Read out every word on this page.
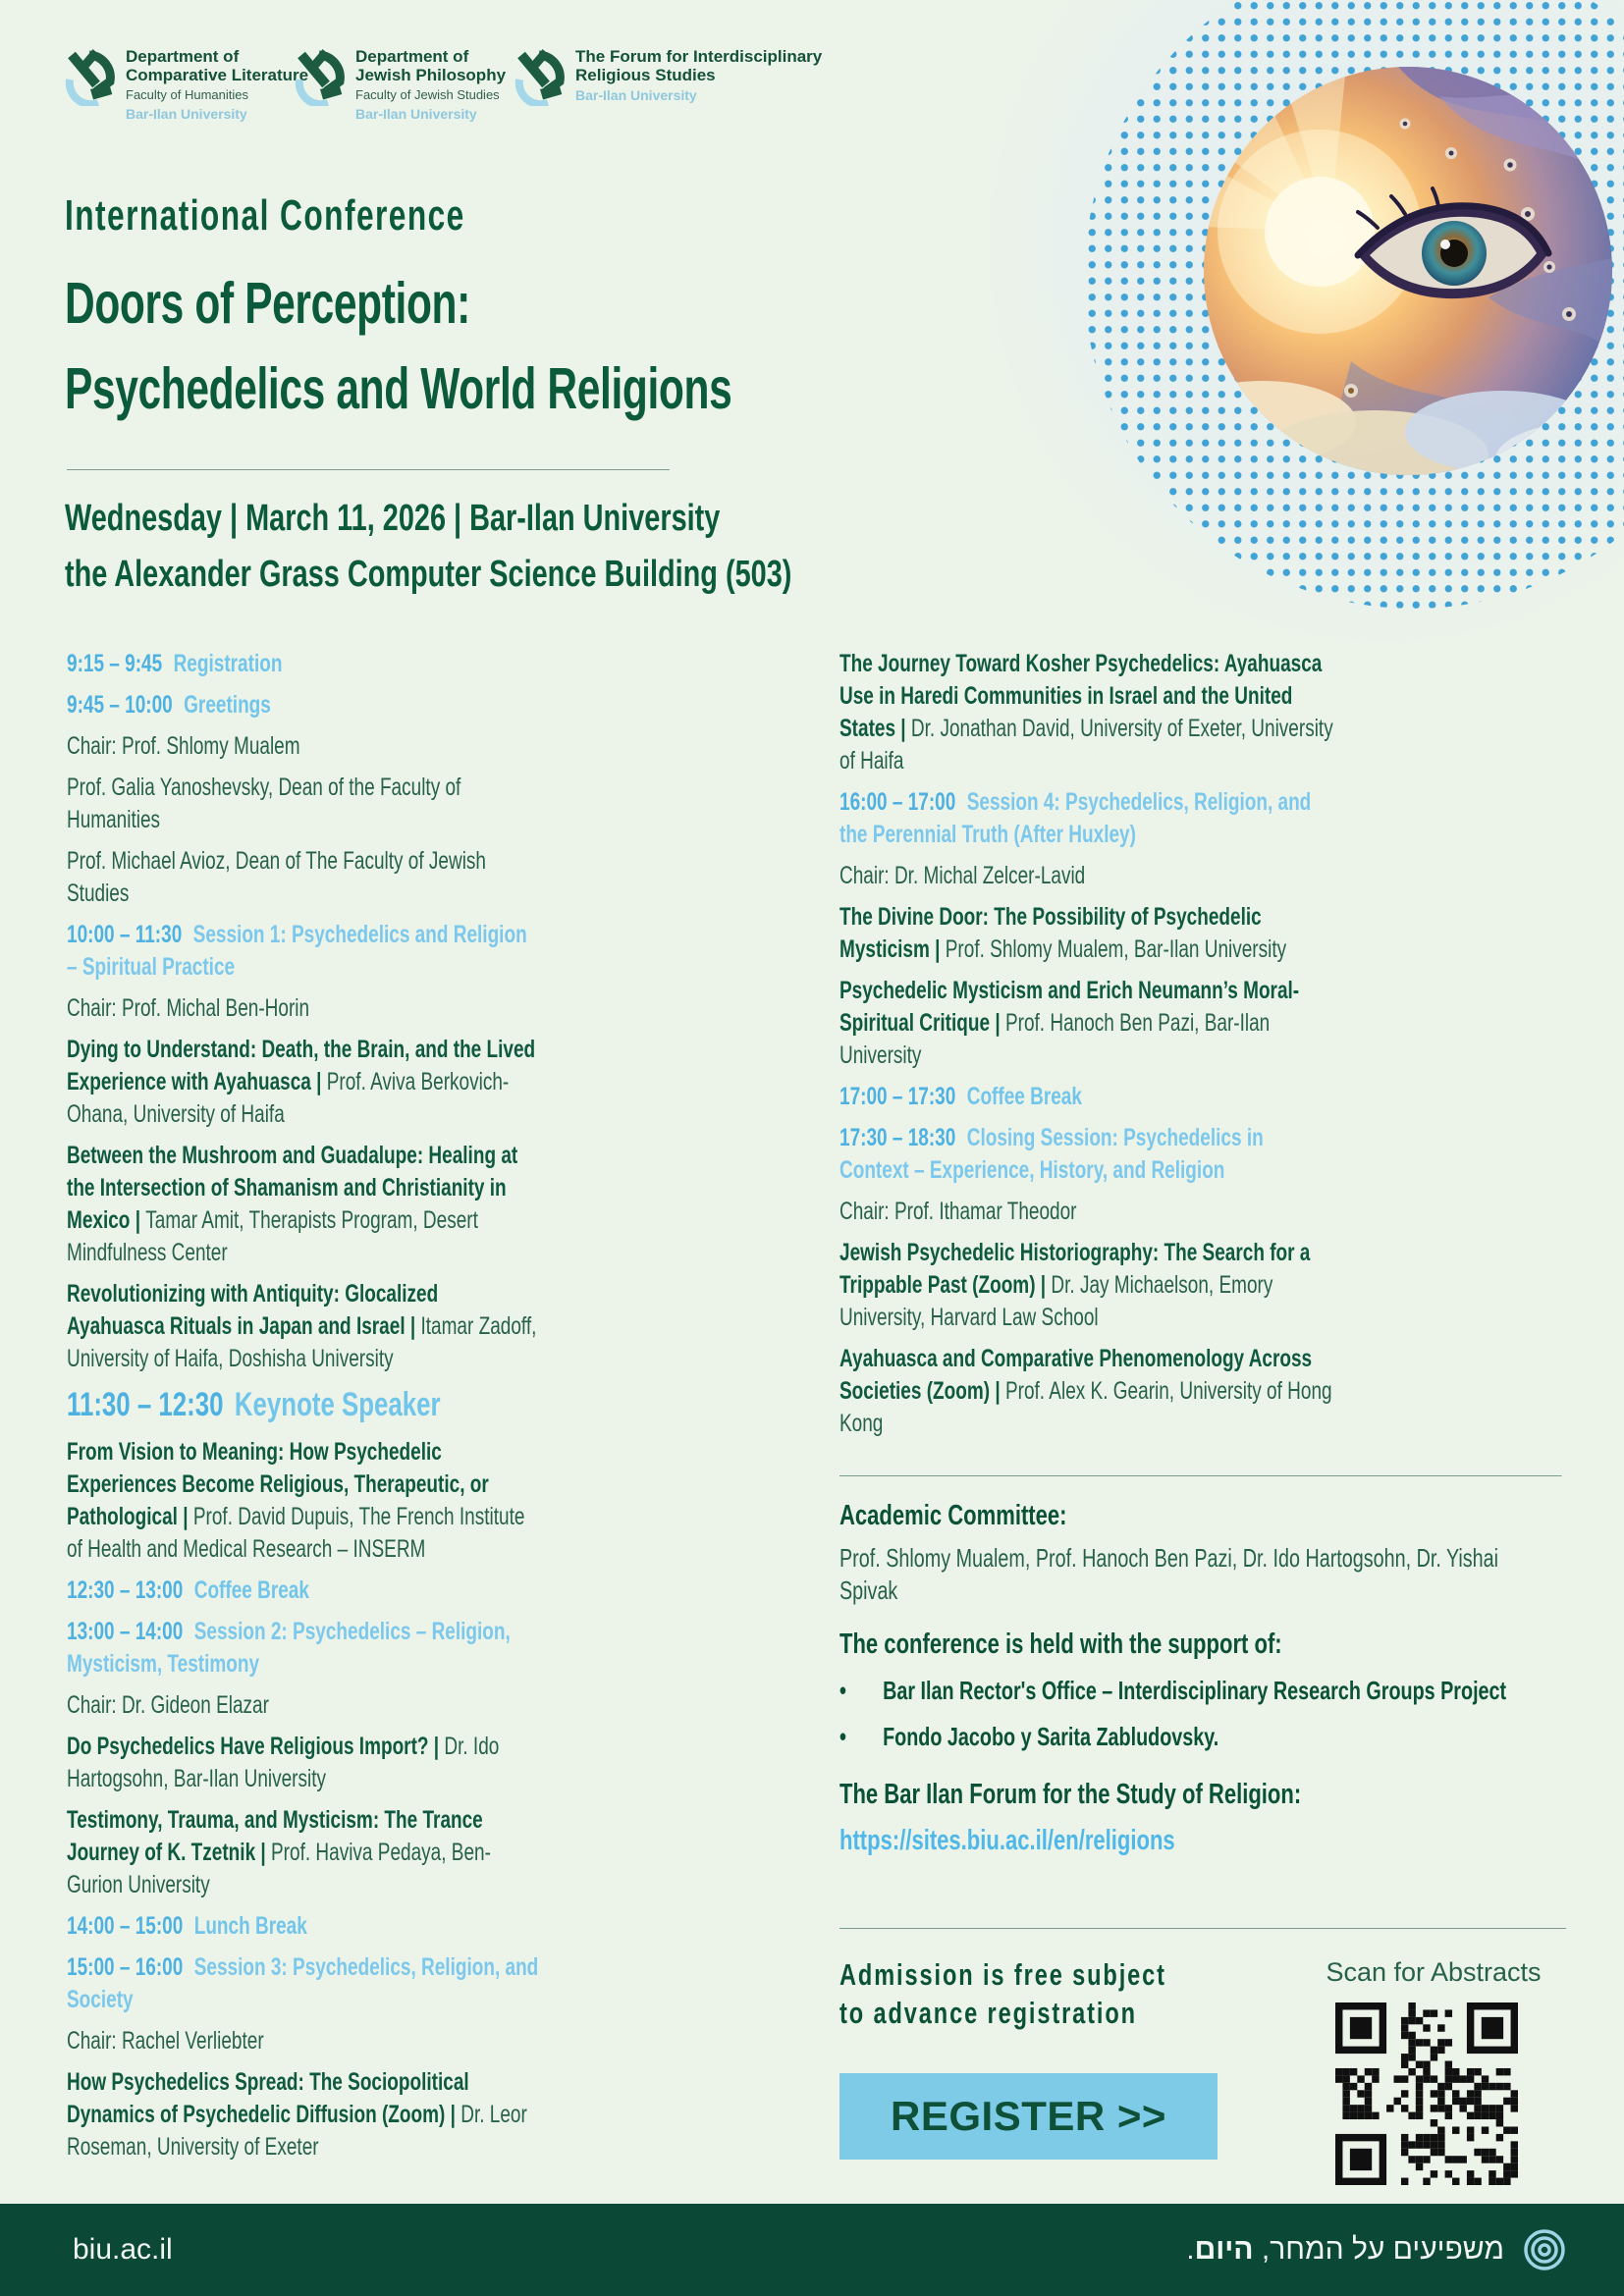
Department of
Comparative Literature
Faculty of Humanities
Bar-Ilan University
Department of
Jewish Philosophy
Faculty of Jewish Studies
Bar-Ilan University
The Forum for Interdisciplinary
Religious Studies
Bar-Ilan University
International Conference
Doors of Perception:
Psychedelics and World Religions
Wednesday | March 11, 2026 | Bar-Ilan University
the Alexander Grass Computer Science Building (503)

9:15 – 9:45 Registration

9:45 – 10:00 Greetings

Chair: Prof. Shlomy Mualem

Prof. Galia Yanoshevsky, Dean of the Faculty of Humanities

Prof. Michael Avioz, Dean of The Faculty of Jewish Studies

10:00 – 11:30 Session 1: Psychedelics and Religion – Spiritual Practice

Chair: Prof. Michal Ben-Horin

Dying to Understand: Death, the Brain, and the Lived Experience with Ayahuasca | Prof. Aviva Berkovich-Ohana, University of Haifa

Between the Mushroom and Guadalupe: Healing at the Intersection of Shamanism and Christianity in Mexico | Tamar Amit, Therapists Program, Desert Mindfulness Center

Revolutionizing with Antiquity: Glocalized Ayahuasca Rituals in Japan and Israel | Itamar Zadoff, University of Haifa, Doshisha University

11:30 – 12:30 Keynote Speaker

From Vision to Meaning: How Psychedelic Experiences Become Religious, Therapeutic, or Pathological | Prof. David Dupuis, The French Institute of Health and Medical Research – INSERM

12:30 – 13:00 Coffee Break

13:00 – 14:00 Session 2: Psychedelics – Religion, Mysticism, Testimony

Chair: Dr. Gideon Elazar

Do Psychedelics Have Religious Import? | Dr. Ido Hartogsohn, Bar-Ilan University

Testimony, Trauma, and Mysticism: The Trance Journey of K. Tzetnik | Prof. Haviva Pedaya, Ben-Gurion University

14:00 – 15:00 Lunch Break

15:00 – 16:00 Session 3: Psychedelics, Religion, and Society

Chair: Rachel Verliebter

How Psychedelics Spread: The Sociopolitical Dynamics of Psychedelic Diffusion (Zoom) | Dr. Leor Roseman, University of Exeter

The Journey Toward Kosher Psychedelics: Ayahuasca Use in Haredi Communities in Israel and the United States | Dr. Jonathan David, University of Exeter, University of Haifa

16:00 – 17:00 Session 4: Psychedelics, Religion, and the Perennial Truth (After Huxley)

Chair: Dr. Michal Zelcer-Lavid

The Divine Door: The Possibility of Psychedelic Mysticism | Prof. Shlomy Mualem, Bar-Ilan University

Psychedelic Mysticism and Erich Neumann’s Moral-Spiritual Critique | Prof. Hanoch Ben Pazi, Bar-Ilan University

17:00 – 17:30 Coffee Break

17:30 – 18:30 Closing Session: Psychedelics in Context – Experience, History, and Religion

Chair: Prof. Ithamar Theodor

Jewish Psychedelic Historiography: The Search for a Trippable Past (Zoom) | Dr. Jay Michaelson, Emory University, Harvard Law School

Ayahuasca and Comparative Phenomenology Across Societies (Zoom) | Prof. Alex K. Gearin, University of Hong Kong

Academic Committee:
Prof. Shlomy Mualem, Prof. Hanoch Ben Pazi, Dr. Ido Hartogsohn, Dr. Yishai Spivak
The conference is held with the support of:
•	Bar Ilan Rector's Office – Interdisciplinary Research Groups Project
•	Fondo Jacobo y Sarita Zabludovsky.
The Bar Ilan Forum for the Study of Religion:
https://sites.biu.ac.il/en/religions
Admission is free subject to advance registration
REGISTER >>
Scan for Abstracts
biu.ac.il	משפיעים על המחר, היום.
